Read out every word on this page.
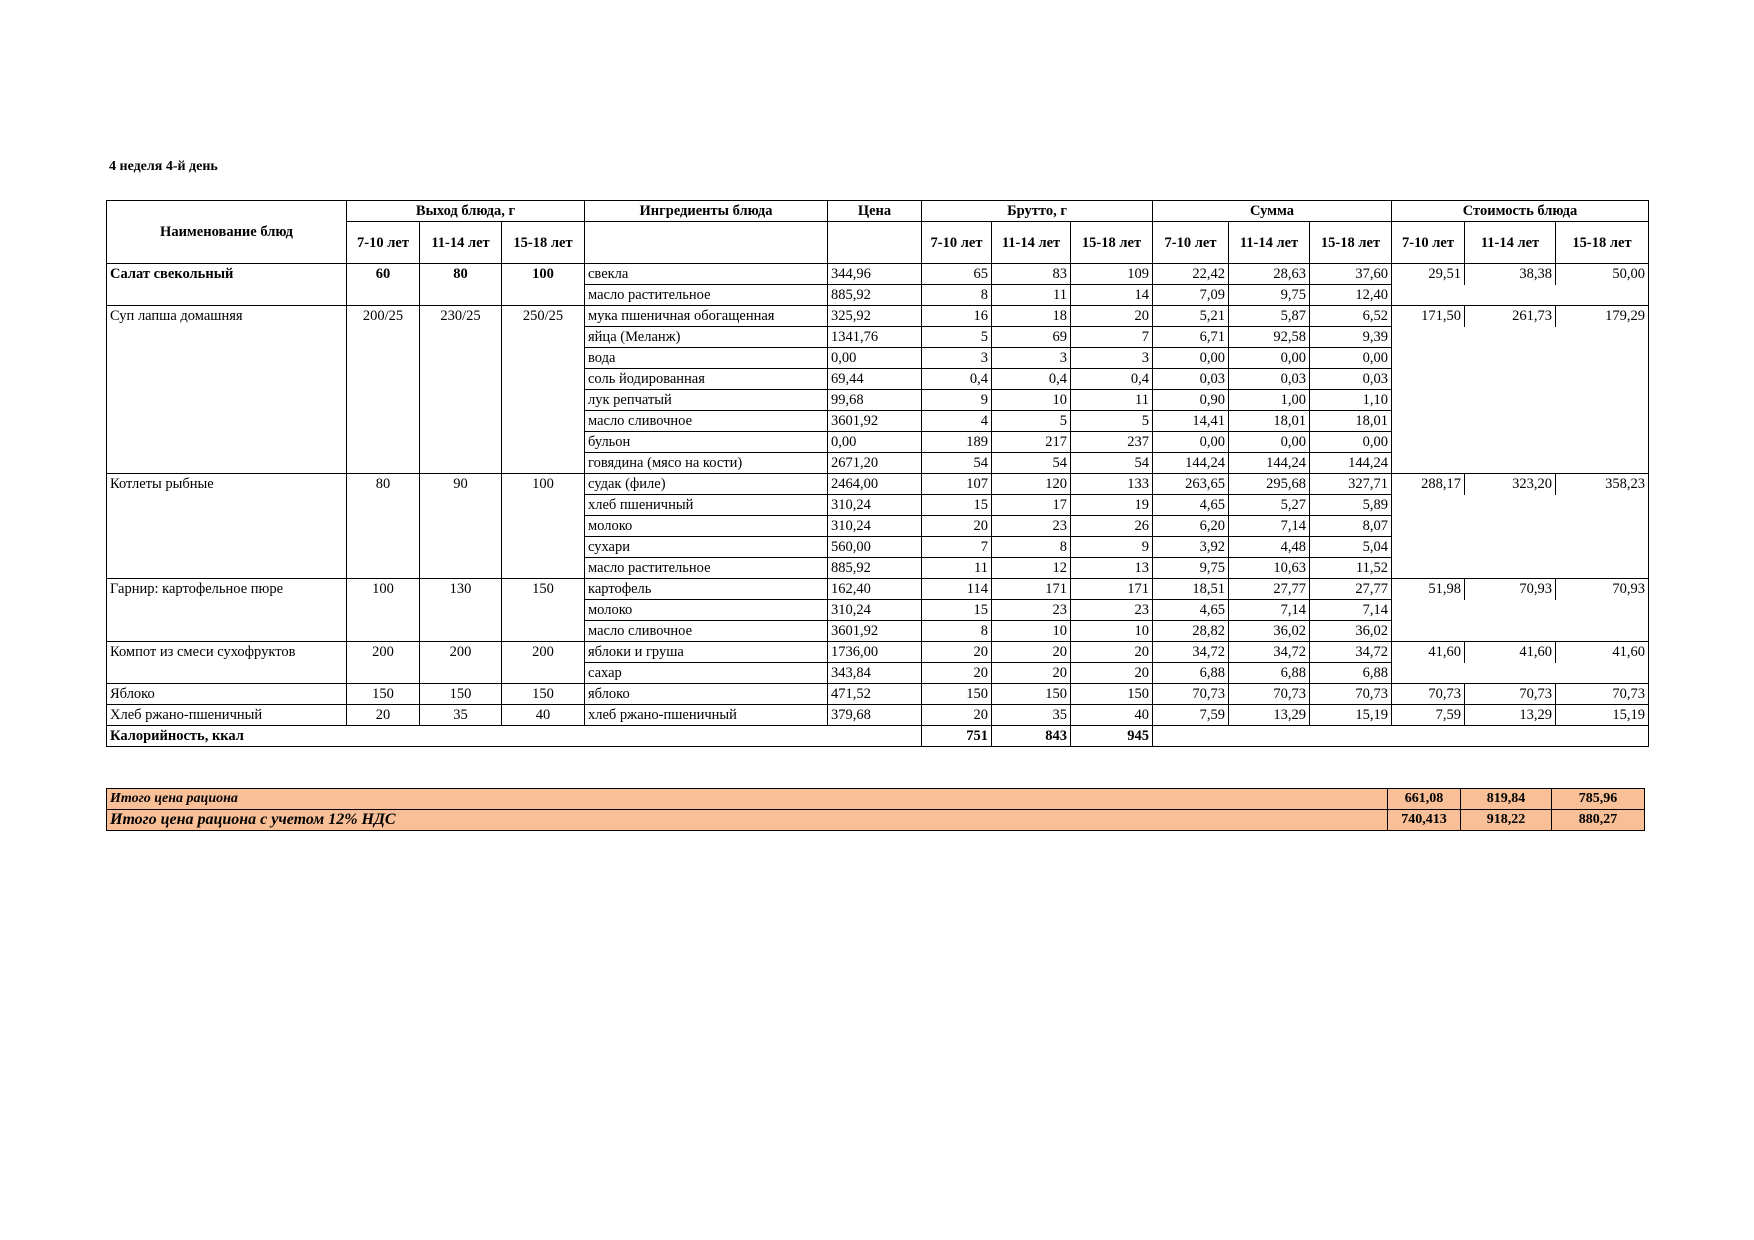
4 неделя 4-й день
Наименование блюд	Выход блюда, г			Ингредиенты блюда	Цена	Брутто, г			Сумма			Стоимость блюда		
	7-10 лет	11-14 лет	15-18 лет			7-10 лет	11-14 лет	15-18 лет	7-10 лет	11-14 лет	15-18 лет	7-10 лет	11-14 лет	15-18 лет
Салат свекольный	60	80	100	свекла	344,96	65	83	109	22,42	28,63	37,60	29,51	38,38	50,00
				масло растительное	885,92	8	11	14	7,09	9,75	12,40			
Суп лапша домашняя	200/25	230/25	250/25	мука пшеничная обогащенная	325,92	16	18	20	5,21	5,87	6,52	171,50	261,73	179,29
				яйца (Меланж)	1341,76	5	69	7	6,71	92,58	9,39			
				вода	0,00	3	3	3	0,00	0,00	0,00			
				соль йодированная	69,44	0,4	0,4	0,4	0,03	0,03	0,03			
				лук репчатый	99,68	9	10	11	0,90	1,00	1,10			
				масло сливочное	3601,92	4	5	5	14,41	18,01	18,01			
				бульон	0,00	189	217	237	0,00	0,00	0,00			
				говядина (мясо на кости)	2671,20	54	54	54	144,24	144,24	144,24			
Котлеты рыбные	80	90	100	судак (филе)	2464,00	107	120	133	263,65	295,68	327,71	288,17	323,20	358,23
				хлеб пшеничный	310,24	15	17	19	4,65	5,27	5,89			
				молоко	310,24	20	23	26	6,20	7,14	8,07			
				сухари	560,00	7	8	9	3,92	4,48	5,04			
				масло растительное	885,92	11	12	13	9,75	10,63	11,52			
Гарнир: картофельное пюре	100	130	150	картофель	162,40	114	171	171	18,51	27,77	27,77	51,98	70,93	70,93
				молоко	310,24	15	23	23	4,65	7,14	7,14			
				масло сливочное	3601,92	8	10	10	28,82	36,02	36,02			
Компот из смеси сухофруктов	200	200	200	яблоки и груша	1736,00	20	20	20	34,72	34,72	34,72	41,60	41,60	41,60
				сахар	343,84	20	20	20	6,88	6,88	6,88			
Яблоко	150	150	150	яблоко	471,52	150	150	150	70,73	70,73	70,73	70,73	70,73	70,73
Хлеб ржано-пшеничный	20	35	40	хлеб ржано-пшеничный	379,68	20	35	40	7,59	13,29	15,19	7,59	13,29	15,19
Калорийность, ккал						751	843	945						
Итого цена рациона	661,08	819,84	785,96
Итого цена рациона с учетом 12% НДС	740,413	918,22	880,27
